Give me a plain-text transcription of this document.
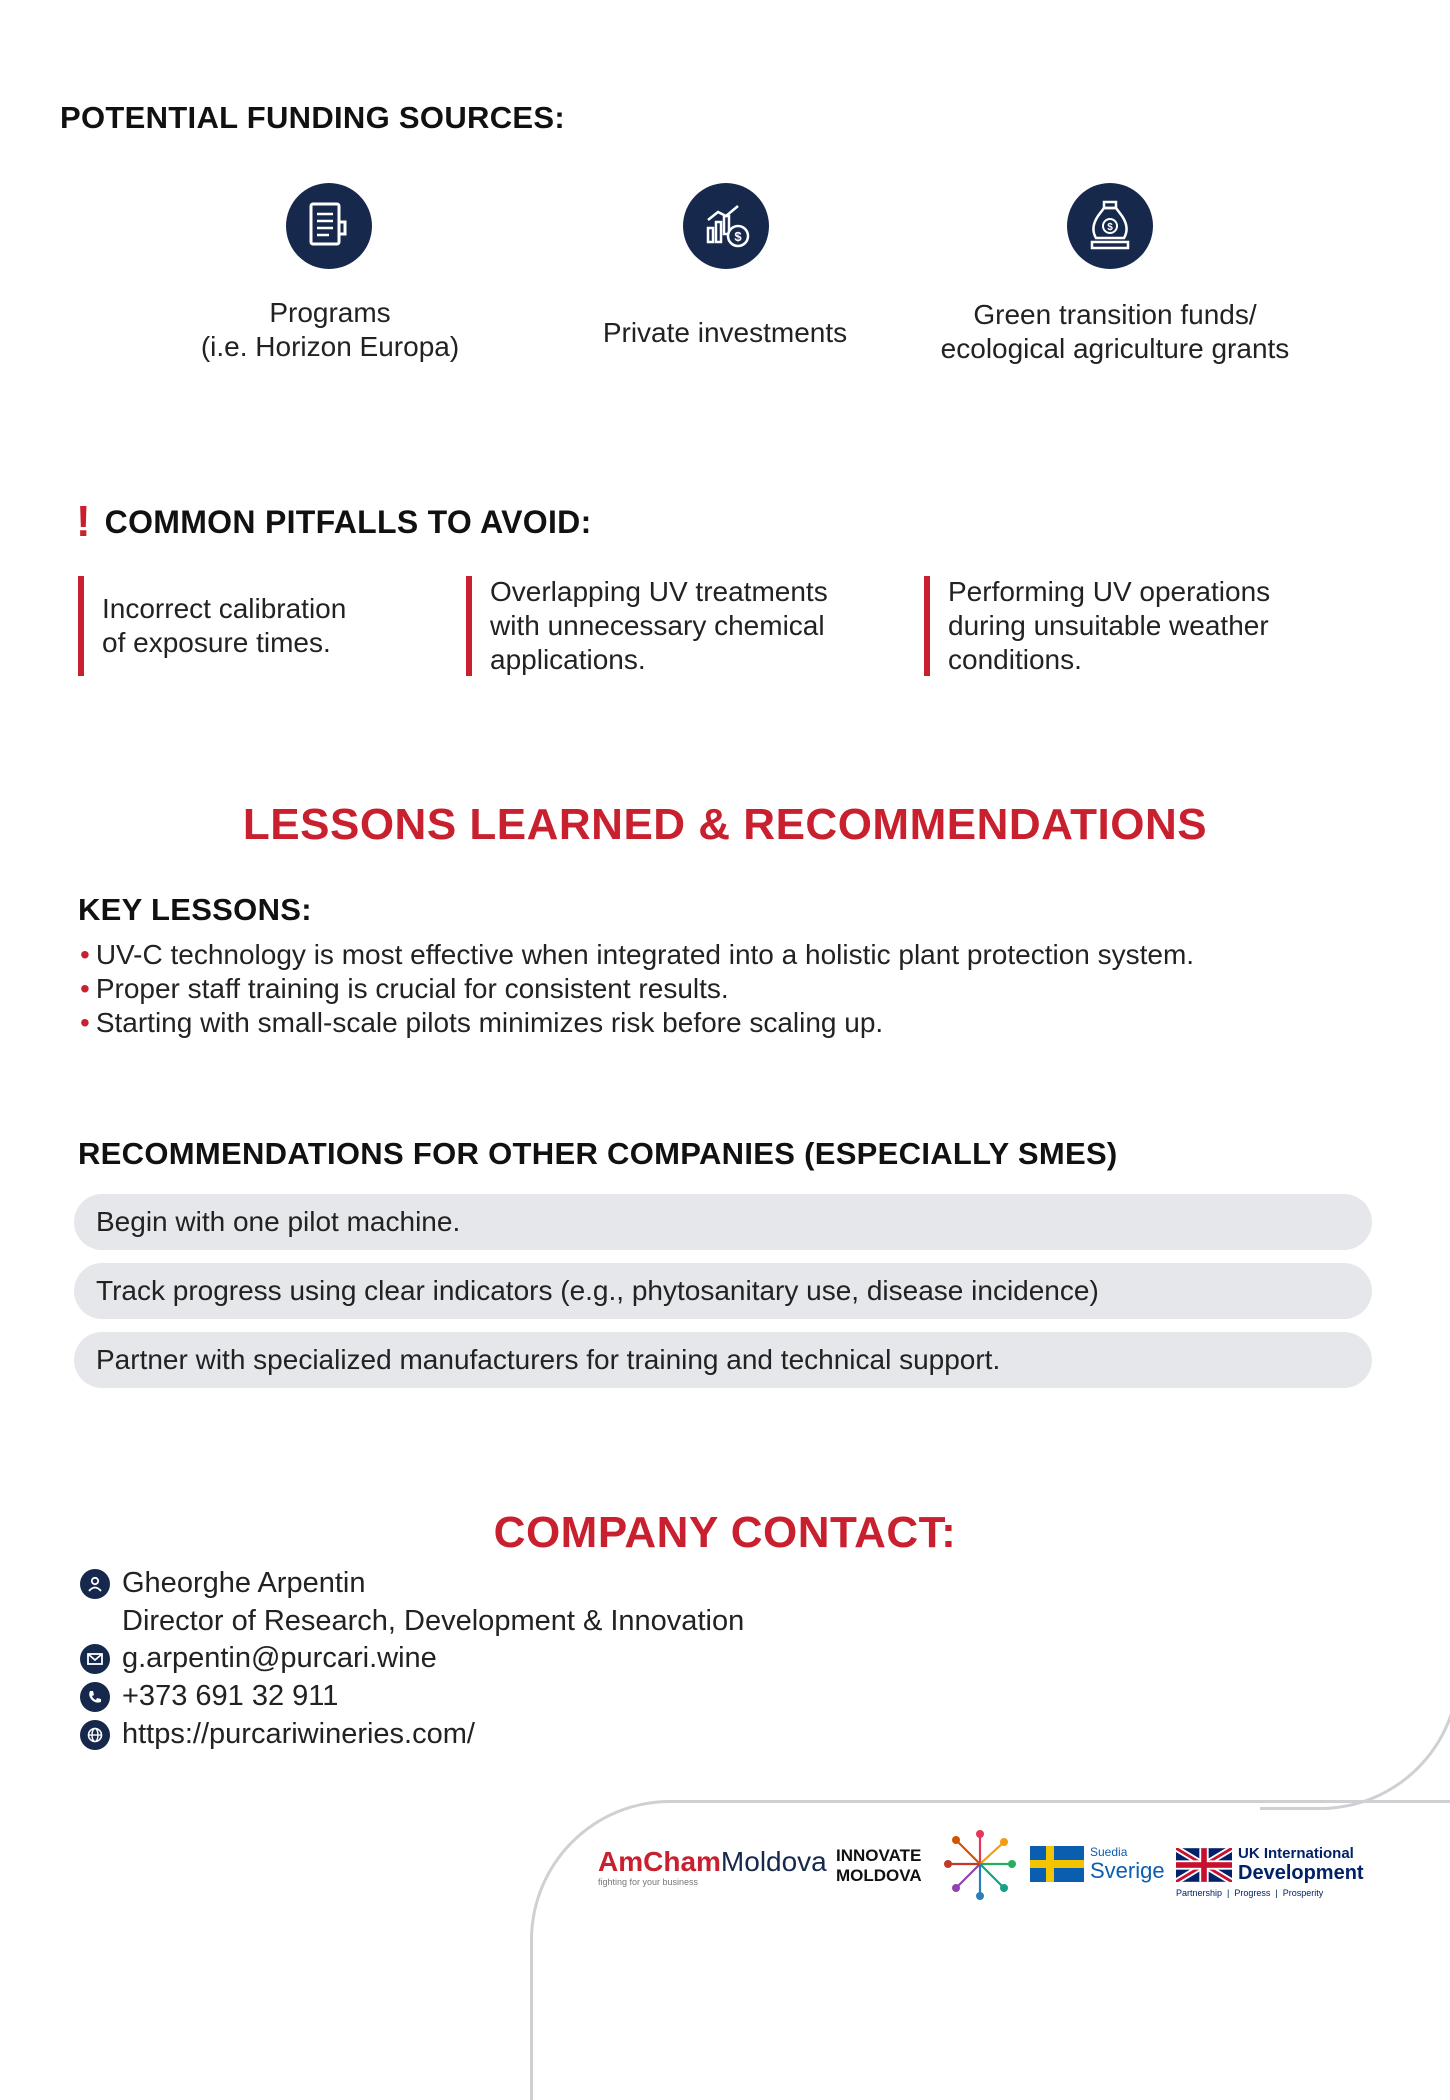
POTENTIAL FUNDING SOURCES:
Programs
(i.e. Horizon Europa)
$
Private investments
$
Green transition funds/
ecological agriculture grants
! COMMON PITFALLS TO AVOID:
Incorrect calibration
of exposure times.
Overlapping UV treatments
with unnecessary chemical
applications.
Performing UV operations
during unsuitable weather
conditions.
LESSONS LEARNED & RECOMMENDATIONS
KEY LESSONS:
• UV-C technology is most effective when integrated into a holistic plant protection system.
• Proper staff training is crucial for consistent results.
• Starting with small-scale pilots minimizes risk before scaling up.
RECOMMENDATIONS FOR OTHER COMPANIES (ESPECIALLY SMES)
Begin with one pilot machine.
Track progress using clear indicators (e.g., phytosanitary use, disease incidence)
Partner with specialized manufacturers for training and technical support.
COMPANY CONTACT:
Gheorghe Arpentin
Director of Research, Development & Innovation
g.arpentin@purcari.wine
+373 691 32 911
https://purcariwineries.com/
AmChamMoldova
fighting for your business
INNOVATE
MOLDOVA
Suedia
Sverige
UK International
Development
Partnership  |  Progress  |  Prosperity
